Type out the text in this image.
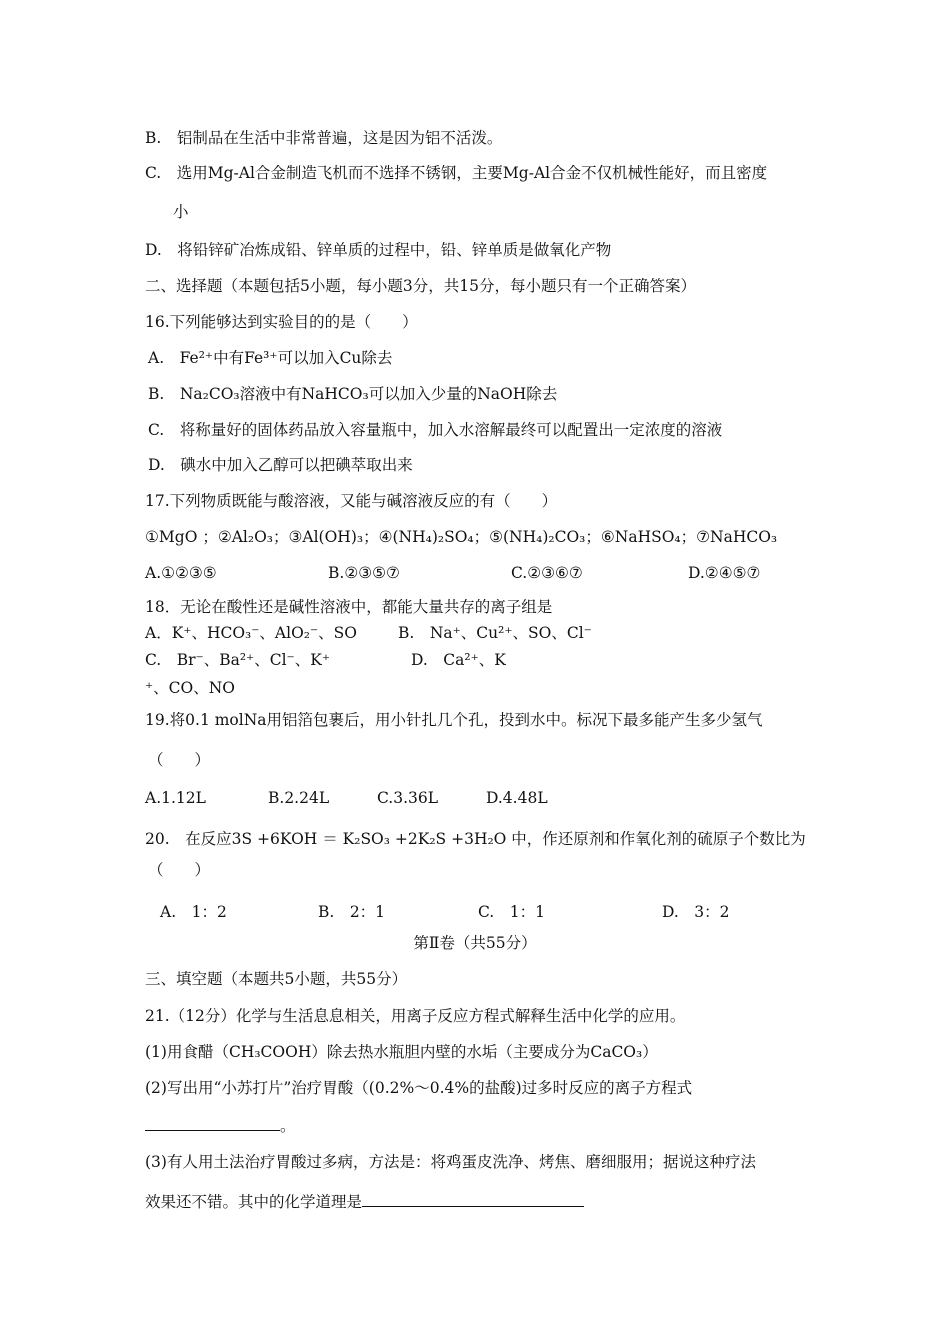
B.　铝制品在生活中非常普遍，这是因为铝不活泼。
C.　选用Mg-Al合金制造飞机而不选择不锈钢，主要Mg-Al合金不仅机械性能好，而且密度
小
D.　将铅锌矿冶炼成铅、锌单质的过程中，铅、锌单质是做氧化产物
二、选择题（本题包括5小题，每小题3分，共15分，每小题只有一个正确答案）
16.下列能够达到实验目的的是（　　）
A.　Fe²⁺中有Fe³⁺可以加入Cu除去
B.　Na₂CO₃溶液中有NaHCO₃可以加入少量的NaOH除去
C.　将称量好的固体药品放入容量瓶中，加入水溶解最终可以配置出一定浓度的溶液
D.　碘水中加入乙醇可以把碘萃取出来
17.下列物质既能与酸溶液，又能与碱溶液反应的有（　　）
①MgO ；②Al₂O₃；③Al(OH)₃；④(NH₄)₂SO₄；⑤(NH₄)₂CO₃；⑥NaHSO₄；⑦NaHCO₃
A.①②③⑤	B.②③⑤⑦	C.②③⑥⑦	D.②④⑤⑦
18．无论在酸性还是碱性溶液中，都能大量共存的离子组是
A．K⁺、HCO₃⁻、AlO₂⁻、SO	B.　Na⁺、Cu²⁺、SO、Cl⁻
C.　Br⁻、Ba²⁺、Cl⁻、K⁺	D.　Ca²⁺、K
⁺、CO、NO
19.将0.1 molNa用铝箔包裹后，用小针扎几个孔，投到水中。标况下最多能产生多少氢气
（　　）
A.1.12L	B.2.24L	C.3.36L	D.4.48L
20.　在反应3S +6KOH ＝ K₂SO₃ +2K₂S +3H₂O 中，作还原剂和作氧化剂的硫原子个数比为
（　　）
A.　1：2	B.　2：1	C.　1：1	D.　3：2
第Ⅱ卷（共55分）
三、填空题（本题共5小题，共55分）
21.（12分）化学与生活息息相关，用离子反应方程式解释生活中化学的应用。
(1)用食醋（CH₃COOH）除去热水瓶胆内壁的水垢（主要成分为CaCO₃）
(2)写出用“小苏打片”治疗胃酸（(0.2%～0.4%的盐酸)过多时反应的离子方程式
。
(3)有人用土法治疗胃酸过多病，方法是：将鸡蛋皮洗净、烤焦、磨细服用；据说这种疗法
效果还不错。其中的化学道理是
